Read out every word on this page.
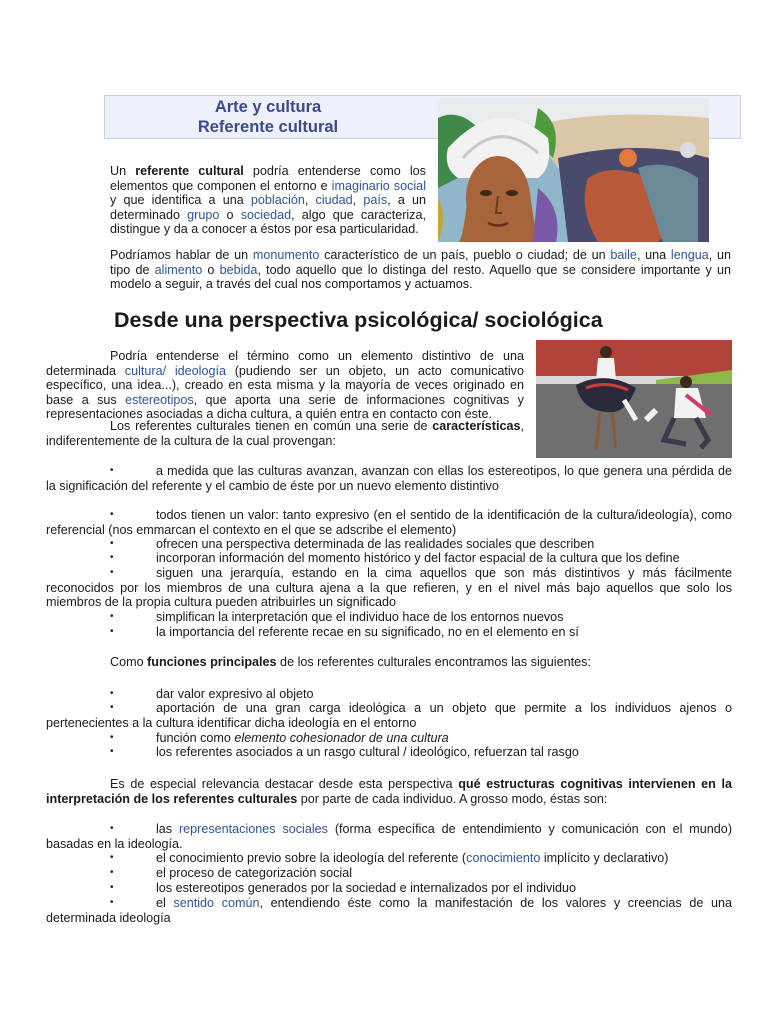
Arte y cultura
Referente cultural

Un referente cultural podría entenderse como los elementos que componen el entorno e imaginario social y que identifica a una población, ciudad, país, a un determinado grupo o sociedad, algo que caracteriza, distingue y da a conocer a éstos por esa particularidad.

Podríamos hablar de un monumento característico de un país, pueblo o ciudad; de un baile, una lengua, un tipo de alimento o bebida, todo aquello que lo distinga del resto. Aquello que se considere importante y un modelo a seguir, a través del cual nos comportamos y actuamos.

Desde una perspectiva psicológica/ sociológica

Podría entenderse el término como un elemento distintivo de una determinada cultura/ ideología (pudiendo ser un objeto, un acto comunicativo específico, una idea...), creado en esta misma y la mayoría de veces originado en base a sus estereotipos, que aporta una serie de informaciones cognitivas y representaciones asociadas a dicha cultura, a quién entra en contacto con éste.

Los referentes culturales tienen en común una serie de características, indiferentemente de la cultura de la cual provengan:

•	a medida que las culturas avanzan, avanzan con ellas los estereotipos, lo que genera una pérdida de la significación del referente y el cambio de éste por un nuevo elemento distintivo

•	todos tienen un valor: tanto expresivo (en el sentido de la identificación de la cultura/ideología), como referencial (nos emmarcan el contexto en el que se adscribe el elemento)

•	ofrecen una perspectiva determinada de las realidades sociales que describen

•	incorporan información del momento histórico y del factor espacial de la cultura que los define

•	siguen una jerarquía, estando en la cima aquellos que son más distintivos y más fácilmente reconocidos por los miembros de una cultura ajena a la que refieren, y en el nivel más bajo aquellos que solo los miembros de la propia cultura pueden atribuirles un significado

•	simplifican la interpretación que el individuo hace de los entornos nuevos

•	la importancia del referente recae en su significado, no en el elemento en sí

Como funciones principales de los referentes culturales encontramos las siguientes:

•	dar valor expresivo al objeto

•	aportación de una gran carga ideológica a un objeto que permite a los individuos ajenos o pertenecientes a la cultura identificar dicha ideología en el entorno

•	función como elemento cohesionador de una cultura

•	los referentes asociados a un rasgo cultural / ideológico, refuerzan tal rasgo

Es de especial relevancia destacar desde esta perspectiva qué estructuras cognitivas intervienen en la interpretación de los referentes culturales por parte de cada individuo. A grosso modo, éstas son:

•	las representaciones sociales (forma específica de entendimiento y comunicación con el mundo) basadas en la ideología.

•	el conocimiento previo sobre la ideología del referente (conocimiento implícito y declarativo)

•	el proceso de categorización social

•	los estereotipos generados por la sociedad e internalizados por el individuo

•	el sentido común, entendiendo éste como la manifestación de los valores y creencias de una determinada ideología
